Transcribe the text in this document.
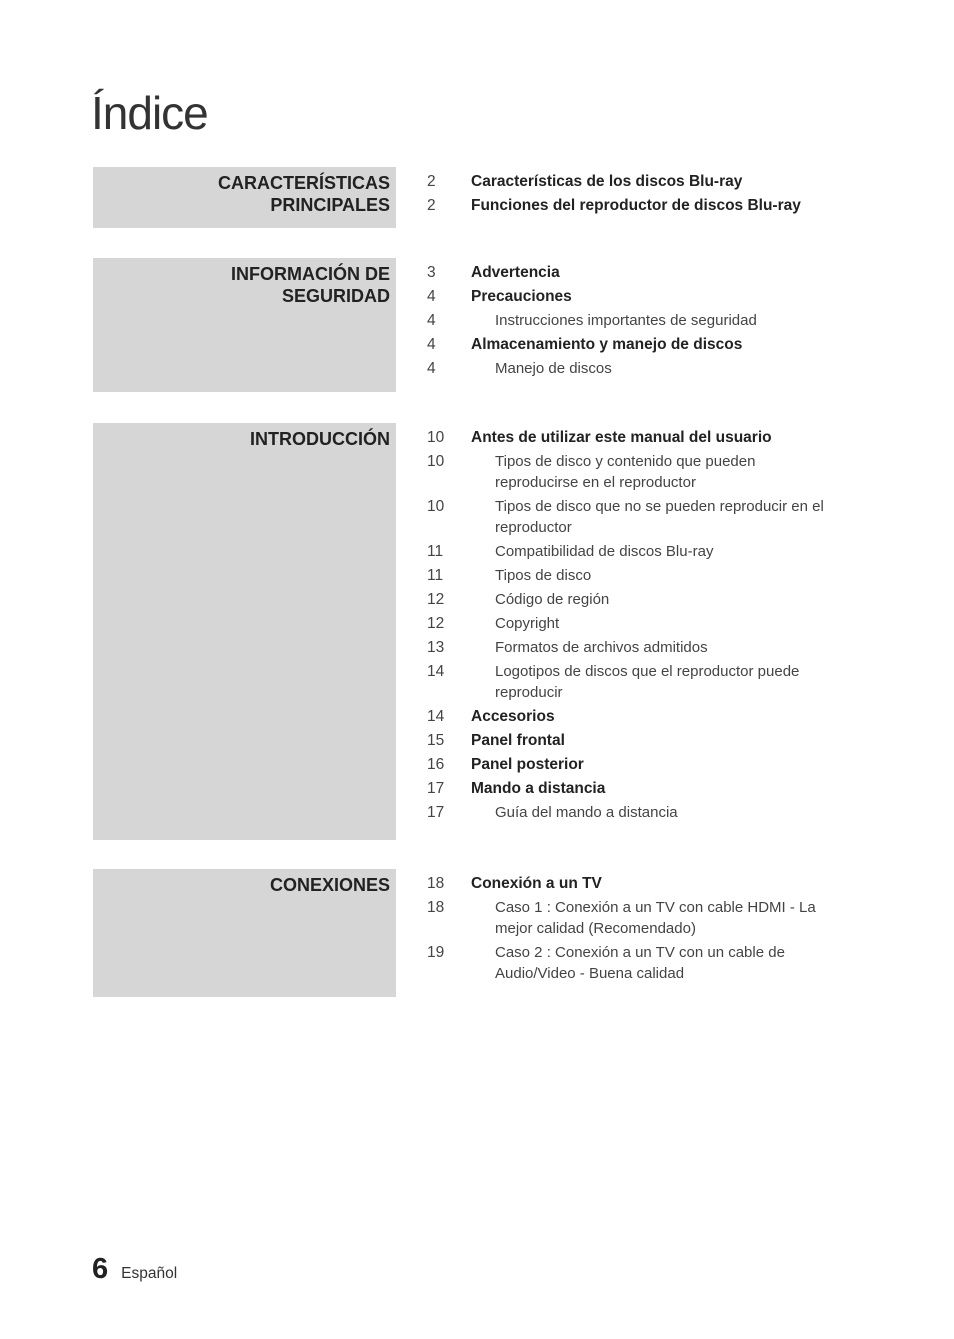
Índice
CARACTERÍSTICAS
PRINCIPALES
2	Características de los discos Blu-ray
2	Funciones del reproductor de discos Blu-ray
INFORMACIÓN DE
SEGURIDAD
3	Advertencia
4	Precauciones
4	Instrucciones importantes de seguridad
4	Almacenamiento y manejo de discos
4	Manejo de discos
INTRODUCCIÓN	10	Antes de utilizar este manual del usuario
10	Tipos de disco y contenido que pueden reproducirse en el reproductor
10	Tipos de disco que no se pueden reproducir en el reproductor
11	Compatibilidad de discos Blu-ray
11	Tipos de disco
12	Código de región
12	Copyright
13	Formatos de archivos admitidos
14	Logotipos de discos que el reproductor puede reproducir
14	Accesorios
15	Panel frontal
16	Panel posterior
17	Mando a distancia
17	Guía del mando a distancia
CONEXIONES	18	Conexión a un TV
18	Caso 1 : Conexión a un TV con cable HDMI - La mejor calidad (Recomendado)
19	Caso 2 : Conexión a un TV con un cable de Audio/Video - Buena calidad
6 Español
